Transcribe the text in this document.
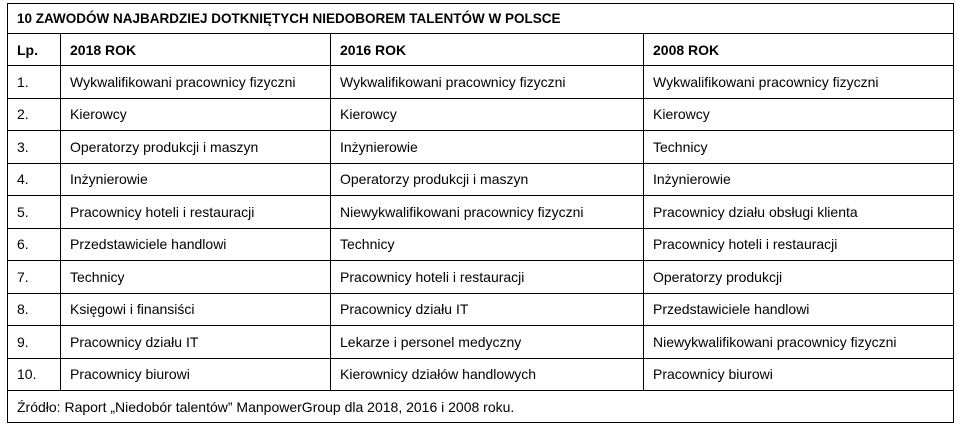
10 ZAWODÓW NAJBARDZIEJ DOTKNIĘTYCH NIEDOBOREM TALENTÓW W POLSCE			
Lp.	2018 ROK	2016 ROK	2008 ROK
1.	Wykwalifikowani pracownicy fizyczni	Wykwalifikowani pracownicy fizyczni	Wykwalifikowani pracownicy fizyczni
2.	Kierowcy	Kierowcy	Kierowcy
3.	Operatorzy produkcji i maszyn	Inżynierowie	Technicy
4.	Inżynierowie	Operatorzy produkcji i maszyn	Inżynierowie
5.	Pracownicy hoteli i restauracji	Niewykwalifikowani pracownicy fizyczni	Pracownicy działu obsługi klienta
6.	Przedstawiciele handlowi	Technicy	Pracownicy hoteli i restauracji
7.	Technicy	Pracownicy hoteli i restauracji	Operatorzy produkcji
8.	Księgowi i finansiści	Pracownicy działu IT	Przedstawiciele handlowi
9.	Pracownicy działu IT	Lekarze i personel medyczny	Niewykwalifikowani pracownicy fizyczni
10.	Pracownicy biurowi	Kierownicy działów handlowych	Pracownicy biurowi
Źródło: Raport „Niedobór talentów” ManpowerGroup dla 2018, 2016 i 2008 roku.			
